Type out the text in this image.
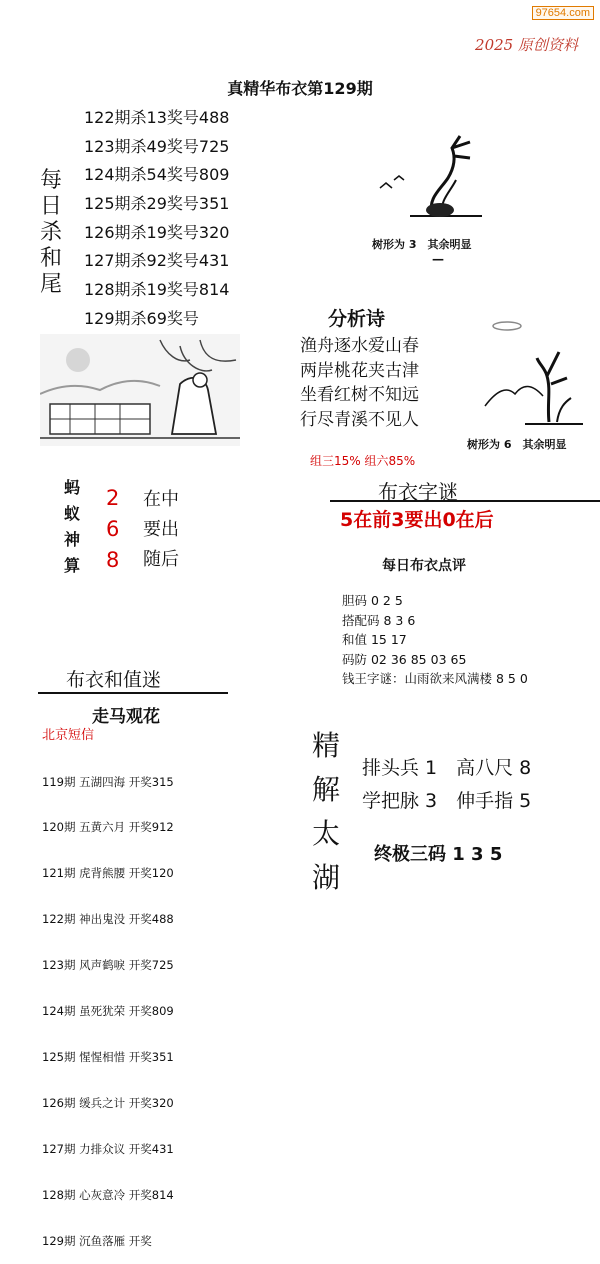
97654.com
2025 原创资料
真精华布衣第129期
122期杀13奖号488
123期杀49奖号725
124期杀54奖号809
125期杀29奖号351
126期杀19奖号320
127期杀92奖号431
128期杀19奖号814
129期杀69奖号
每日杀和尾
树形为 3　其余明显
—
分析诗
渔舟逐水爱山春
两岸桃花夹古津
坐看红树不知远
行尽青溪不见人
树形为 6　其余明显
组三15% 组六85%
布衣字谜
5在前3要出0在后
蚂蚁神算
2
6
8
在中
要出
随后	每日布衣点评
胆码 0 2 5
搭配码 8 3 6
和值 15 17
码防 02 36 85 03 65
钱王字谜：山雨欲来风满楼 8 5 0
布衣和值迷
走马观花
北京短信

119期 五湖四海 开奖315

120期 五黄六月 开奖912

121期 虎背熊腰 开奖120

122期 神出鬼没 开奖488

123期 风声鹤唳 开奖725

124期 虽死犹荣 开奖809

125期 惺惺相惜 开奖351

126期 缓兵之计 开奖320

127期 力排众议 开奖431

128期 心灰意冷 开奖814

129期 沉鱼落雁 开奖

精解太湖
排头兵 1　高八尺 8
学把脉 3　伸手指 5
终极三码 1 3 5
